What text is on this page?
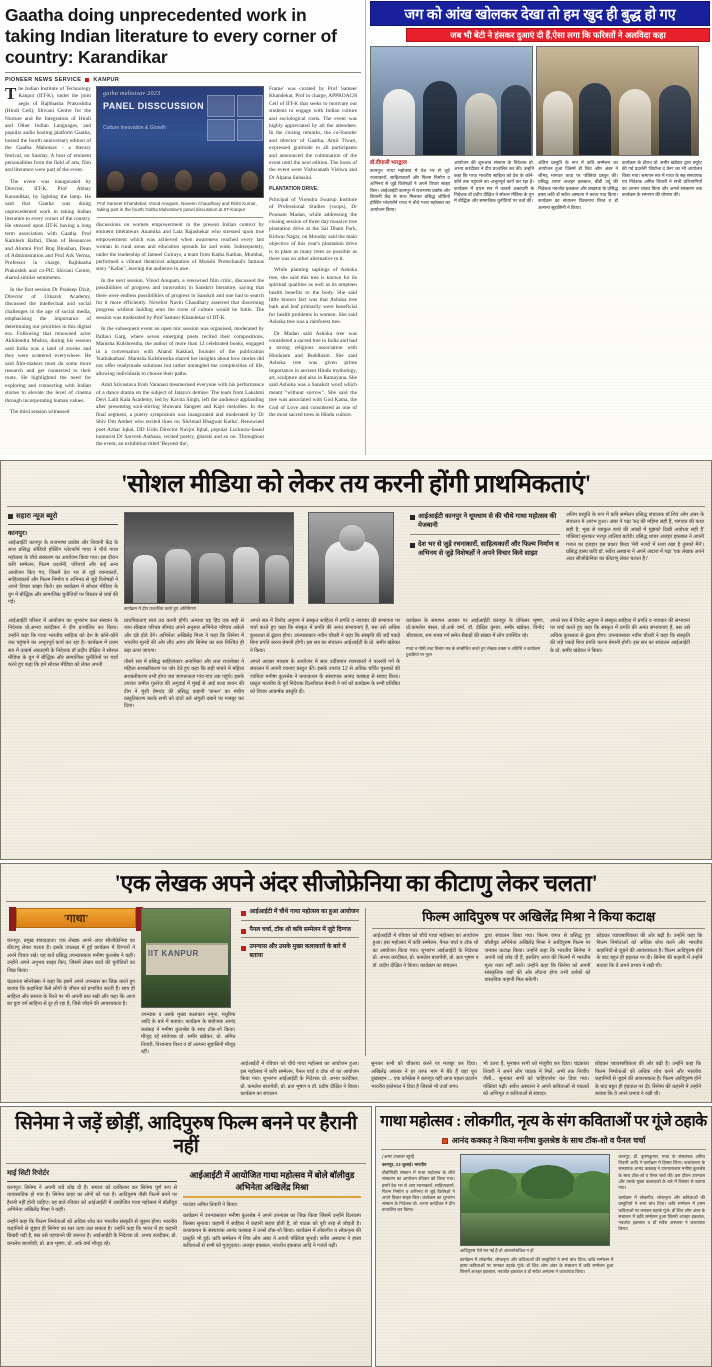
Gaatha doing unprecedented work in taking Indian literature to every corner of country: Karandikar
PIONEER NEWS SERVICE KANPUR

The Indian Institute of Technology Kanpur (IIT-K), under the joint aegis of Rajbhasha Prakoshtha (Hindi Cell), Shivani Centre for the Nurture and Re Integration of Hindi and Other Indian Languages, and popular audio hosting platform Gaatha, hosted the fourth anniversary edition of the Gaatha Mahotsav - a literary festival, on Sunday. A host of eminent personalities from the field of arts, film and literature were part of the event.

The event was inaugurated by Director, IIT-K, Prof Abhay Karandikar, by lighting the lamp. He said that Gaatha was doing unprecedented work in taking Indian literature to every corner of the country. He stressed upon IIT-K having a long term association with Gaatha. Prof Kamlesh Bafnri, Dean of Resources and Alumni Prof Braj Bhushan, Dean of Administration and Prof Ark Verma, Professor in charge, Rajbhasha Prakoshth and co-PIC Shivani Centre, shared similar sentiments.

In the first session Dr Pradeep Dixit, Director of Utkarsh Academy, discussed the intellectual and social challenges in the age of social media, emphasising the importance of determining our priorities in this digital era. Following that renowned actor Akhilendra Mishra, during his session said India was a land of stories and they were scattered everywhere. He said film-makers must do some more research and get connected to their roots. He highlighted the need for exploring and connecting with Indian stories to elevate the level of cinema through incorporating human values.

The third session witnessed

gatha mahotsav 2023
PANEL DISSCUSSION
Culture Innovation & Growth
Prof Sameer Khandekar, Vinod Anupam, Naveen Chaudhary and Rishi Kumar, taking part in the fourth Gatha Mahotsav's panel discussion at IIT-Kanpur

discussions on women empowerment in the present Indian context by eminent littérateurs Anamika and Lata Rajashekar who stressed upon true empowerment which was achieved when awareness reached every last woman in rural areas and education spreads far and wide. Subsequently, under the leadership of Jameel Gulrays, a team from Katha Kathan, Mumbai, performed a vibrant theatrical adaptation of Munshi Premchand's famous story "Kafan", leaving the audience in awe.

In the next session, Vinod Anupam, a renowned film critic, discussed the possibilities of progress and innovation in Sanskrit literature, saying that there were endless possibilities of progress in Sanskrit and one had to search for it more efficiently. Novelist Navin Chaudhary asserted that discerning progress without holding onto the roots of culture would be futile. The session was moderated by Prof Sameer Khandekar of IIT-K.

In the subsequent event an open mic session was organised, moderated by Pallavi Garg, where seven emerging poets recited their compositions. Manisha Kulshrestha, the author of more than 12 celebrated books, engaged in a conversation with Anand Kakkad, founder of the publication 'Kathakathan'. Manisha Kulshrestha shared her insights about how stories did not offer readymade solutions but rather untangled the complexities of life, allowing individuals to choose their paths.

Amit Srivastava from Varanasi mesmerised everyone with his performance of a dance drama on the subject of Jataya's demise. The team from Lakshmi Devi Lalit Kala Academy, led by Kavita Singh, left the audience applauding after presenting soul-stirring Shravani Sangeet and Kajri melodies. In the final segment, a poetry symposium was inaugurated and moderated by Dr Shiv Om Amber who recited lines on 'Shrimad Bhagwat Katha'. Renowned poet Azhar Iqbal, DD Urdu Director Navjot Iqbal, popular Lucknow-based humorist Dr Sarvesh Asthana, recited poetry, gharals and so on. Throughout the event, an exhibition titled 'Beyond the',

Frame' was curated by Prof Sameer Khandekar, Prof in charge, APPROACH Cell of IIT-K that seeks to motivate our students to engage with Indian culture and sociological roots. The event was highly appreciated by all the attendees. In the closing remarks, the co-founder and director of Gaatha, Amit Tiwari, expressed gratitude to all participants and announced the culmination of the event until the next edition. The hosts of the event were Vishwanath Vishwa and Dr Alpana Suhasini.

PLANTATION DRIVE:

Principal of Virendra Swarup Institute of Professional Studies (vsops), Dr Poonam Madan, while addressing the closing session of three day massive tree plantation drive at the Sai Dham Park, Kidwai Nagar, on Monday said the main objective of this year's plantation drive is to plant as many trees as possible as there was no other alternative to it.

While planting saplings of Ashoka tree, she said this tree is known for its spiritual qualities as well as its umpteen health benefits to the body. She said little known fact was that Ashoka tree bark and leaf primarily were beneficial for health problems in women. She said Ashoka tree was a rainforest tree.

Dr Madan said Ashoka tree was considered a sacred tree in India and had a strong religious association with Hinduism and Buddhism. She said Ashoka tree was given prime importance in ancient Hindu mythology, art, sculpture and also in Ramayana. She said Ashoka was a Sanskrit word which meant "without sorrow". She said the tree was associated with God Kama, the God of Love and considered as one of the most sacred trees in Hindu culture.

जग को आंख खोलकर देखा तो हम खुद ही बुद्ध हो गए
जब भी बेटी ने हंसकर दुआएं दी हैं,ऐसा लगा कि फरिश्तों ने अलविदा कहा
डॉ.दीपाली भारद्वाज

कानपुर। गाथा महोत्सव में देश भर से जुटे रचनाकारों, साहित्यकारों और फिल्म निर्माण व अभिनय से जुड़े विशेषज्ञों ने अपने विचार साझा किए। आईआईटी कानपुर में राजभाषा प्रकोष्ठ और शिवानी केंद्र के साथ मिलकर प्रसिद्ध ऑडियो होस्टिंग प्लेटफॉर्म गाथा ने चौथे गाथा महोत्सव का आयोजन किया।

आयोजन की शुरुआत संस्थान के निदेशक प्रो. अभय करंदीकर ने दीप प्रज्वलित कर की। उन्होंने कहा कि गाथा भारतीय साहित्य को देश के कोने-कोने तक पहुंचाने का अभूतपूर्व कार्य कर रहा है। कार्यक्रम में प्रथम सत्र में उत्कर्ष अकादमी के निदेशक डॉ प्रदीप दीक्षित ने सोशल मीडिया के युग में बौद्धिक और सामाजिक चुनौतियों पर चर्चा की।

अंतिम प्रस्तुति के रूप में कवि सम्मेलन का आयोजन हुआ जिसमें डॉ शिव ओम अंबर ने श्रीमद् भागवत कथा पर पंक्तियां प्रस्तुत कीं। प्रसिद्ध शायर अजहर इकबाल, डीडी उर्दू की निदेशक नवजोत इकबाल और लखनऊ के प्रसिद्ध हास्य कवि डॉ सर्वेश अस्थाना ने काव्य पाठ किया। कार्यक्रम का संचालन विश्वनाथ विश्व व डॉ अल्पना सुहासिनी ने किया।

कार्यक्रम के दौरान प्रो. समीर खंडेकर द्वारा क्यूरेट की गई प्रदर्शनी 'बियॉन्ड द फ्रेम' का भी आयोजन किया गया। समापन सत्र में गाथा के सह संस्थापक एवं निदेशक अमित तिवारी ने सभी प्रतिभागियों का आभार व्यक्त किया और अगले संस्करण तक कार्यक्रम के समापन की घोषणा की।

'सोशल मीडिया को लेकर तय करनी होंगी प्राथमिकताएं'
सहारा न्यूज ब्यूरो
कानपुर।

आईआईटी कानपुर के राजभाषा प्रकोष्ठ और शिवानी केंद्र के साथ प्रसिद्ध ऑडियो होस्टिंग प्लेटफॉर्म गाथा ने चौथे गाथा महोत्सव के चौथे संस्करण का आयोजन किया गया। इस दौरान कवि सम्मेलन, फिल्म प्रदर्शनी, परिचर्चा और कई अन्य आयोजन किए गए, जिसमें देश भर से जुड़े रचनाकारों, साहित्यकारों और फिल्म निर्माण व अभिनय से जुड़े विशेषज्ञों ने अपने विचार साझा किये। इस कार्यक्रम में सोशल मीडिया के युग में बौद्धिक और सामाजिक चुनौतियों पर विस्तार से चर्चा की गई।

कार्यक्रम में दीप प्रज्वलित करते हुए अतिथिगण
आईआईटी कानपुर ने धूमधाम से की चौथे गाथा महोत्सव की मेजबानी
देश भर से जुड़े रचनाकारों, साहित्यकारों और फिल्म निर्माण व अभिनय से जुड़े विशेषज्ञों ने अपने विचार किये साझा

अंतिम प्रस्तुति के रूप में कवि सम्मेलन प्रसिद्ध संचालक डॉ.शिव ओम अंबर के संचालन में आरंभ हुआ। अंबर ने पढ़ा 'रुद्र की महिमा सही हैं, भागवत की कथा सही है, भूख से व्याकुल बच्चे की आंखों में मुझको दिखी अयोध्या सही है' पंक्तियां सुनाकर भरपूर तालियां बटोरी। प्रसिद्ध शायर अजहर इकबाल ने अपनी गजल का इजहार इस प्रकार किया 'मेरी नजरों में सजा रखा है तुमको मैंने'। प्रसिद्ध हास्य कवि डॉ. सर्वेश अस्थाना ने अपने अंदाज में पढ़ा 'एक लेखक अपने अंदर सीजोफ्रेनिया का कीटाणु लेकर चलता है।'

आईआईटी परिसर में आयोजन का शुभारंभ कल संस्थान के निदेशक प्रो.अभय करंदीकर ने दीप प्रज्वलित कर किया। उन्होंने कहा कि गाथा भारतीय साहित्य को देश के कोने-कोने तक पहुंचाने का अभूतपूर्व कार्य कर रहा है। कार्यक्रम में प्रथम सत्र में उत्कर्ष अकादमी के निदेशक डॉ प्रदीप दीक्षित ने सोशल मीडिया के युग में बौद्धिक और सामाजिक चुनौतियों पर चर्चा करते हुए कहा कि हमें सोशल मीडिया को लेकर अपनी

प्राथमिकताएं स्वयं तय करनी होंगी। अन्यथा यह हिंद एक सही से जान सीखता परिचय सीमांद अपने अनुसार अभिनेता परिचय अकेले और दबे होते देंगे। अभिनेता अखिलेंद्र मिश्रा ने कहा कि सिनेमा में भारतीय मूल्यों की ओर लौट आगा और सिनेमा का स्तर निश्चित ही बढ़ा ऊपर जाएगा।

तीसरे सत्र में प्रसिद्ध साहित्यकार अनामिका और लता राजशेखर ने महिला सशक्तीकरण पर जोर देते हुए कहा कि सही मायने में महिला सशक्तीकरण तभी होगा जब जागरूकता गांव-गांव तक पहुंचे। इसके उपरांत जमील गुलरेज़ की अगुवाई में मुंबई से आई कथा कथन की टीम ने मुंशी प्रेमचंद की प्रसिद्ध कहानी 'कफन' का मंचीय प्रस्तुतिकरण करके सभी को दांतों तले अंगुली दबाने पर मजबूर कर दिया।

अगले सत्र में विनोद अनुपम ने संस्कृत साहित्य में प्रगति व नवाचार की संभावना पर चर्चा करते हुए कहा कि संस्कृत में प्रगति की अनंत संभावनाएं हैं, बस उसे अधिक कुशलता से ढूंढना होगा। उपन्यासकार नवीन चौधरी ने कहा कि संस्कृति की जड़ें पकड़े बिना प्रगति करना बेमानी होगी। इस सत्र का संचालन आईआईटी के प्रो. समीर खंडेकर ने किया।

अगले अवसर माध्यम के आयोजन में सात उदीयमान रचनाकारों ने पल्लवी गर्ग के संचालन में अपनी रचनाएं प्रस्तुत कीं। इसके उपरांत 12 से अधिक चर्चित पुस्तकों की रचयिता मनीषा कुलश्रेष्ठ ने कथाकथन के संस्थापक आनंद कक्कड़ से संवाद किया। प्रस्तुत भारतीय के पूर्व निदेशक दिल्लीवाल बेनानी ने पर्व को कार्यक्रम के सभी प्रतिष्ठित को विचार आकर्षक प्रस्तुति दी।

कार्यक्रम के समापन अवसर पर आईआईटी कानपुर के प्रोफेसर भूषण, प्रो.कमलेश बंसल, प्रो.अर्क वर्मा, डॉ. दीक्षित कुमार, समीर खंडेकर, विनोद श्रीवास्तव, राम शास्त्र गर्ग समेत सैकड़ों की संख्या में लोग उपस्थित रहे।

गाथा व गोष्ठी तथा विचार सत्र के सम्बोधित करते हुए लेखक वक्ता व अतिथि व कार्यक्रम टुकड़ियां पर फूल

अगले सत्र में विनोद अनुपम ने संस्कृत साहित्य में प्रगति व नवाचार की संभावना पर चर्चा करते हुए कहा कि संस्कृत में प्रगति की अनंत संभावनाएं हैं, बस उसे अधिक कुशलता से ढूंढना होगा। उपन्यासकार नवीन चौधरी ने कहा कि संस्कृति की जड़ें पकड़े बिना प्रगति करना बेमानी होगी। इस सत्र का संचालन आईआईटी के प्रो. समीर खंडेकर ने किया।

'एक लेखक अपने अंदर सीजोफ्रेनिया का कीटाणु लेकर चलता'
'गाथा'

कानपुर, प्रमुख संवाददाता। एक लेखक अपने अंदर सीजोफ्रेनिया का कीटाणु लेकर चलता है। इसके उपलक्ष्य में हुई कार्यक्रम में दिग्गजों ने अपने विचार रखे। यह बातें प्रसिद्ध उपन्यासकार मनीषा कुलश्रेष्ठ ने कही। उन्होंने अपने अनुभव साझा किए, जिसमें लेखन कार्य की चुनौतियों का जिक्र किया।

चंद्रकांता सोनरेक्सा ने कहा कि इसमें अपने उपन्यास का जिक्र करते हुए बताया कि कहानियां कैसे लोगों के जीवन को प्रभावित करती हैं। साथ ही साहित्य और समाज के रिश्ते पर भी अपनी बात रखी और कहा कि आज का युवा वर्ग साहित्य से दूर हो रहा है, जिसे जोड़ने की आवश्यकता है।

IIT KANPUR

उपन्यास व उसके मुख्य कलाकार नमूना, मधुरिमा आदि के बारे में बताया। कार्यक्रम के संयोजक आनंद कक्कड़ ने मनीषा कुलश्रेष्ठ के साथ टॉक-शो किया। मौजूद रहे संयोजक प्रो. समीर खंडेकर, प्रो. अमित तिवारी, विश्वनाथ विश्व व डॉ अल्पना सुहासिनी मौजूद रहीं।

आईआईटी में चौथे गाथा महोत्सव का हुआ आयोजन
पैनल चर्चा, टॉक शो कवि सम्मेलन में जुटे दिग्गज
उपन्यास और उसके मुख्य कलाकारों के बारे में बताया
फिल्म आदिपुरुष पर अखिलेंद्र मिश्रा ने किया कटाक्ष

आईआईटी में रविवार को चौथे गाथा महोत्सव का आयोजन हुआ। इस महोत्सव में कवि सम्मेलन, पैनल चर्चा व टॉक शो का आयोजन किया गया। शुभारंभ आईआईटी के निदेशक प्रो. अभय करंदीकर, प्रो. कमलेश बाजपेयी, प्रो. ब्रज भूषण व डॉ. प्रदीप दीक्षित ने किया। कार्यक्रम का संचालन

द्वारा संचालन किया गया। फिल्म जगत से प्रसिद्ध हुए बॉलीवुड अभिनेता अखिलेंद्र मिश्रा ने आदिपुरुष फिल्म पर जमकर कटाक्ष किया। उन्होंने कहा कि भारतीय सिनेमा ने अपनी जड़ें छोड़ दी हैं, इसलिए आज की फिल्मों में भारतीय मूल्य नजर नहीं आते। उन्होंने कहा कि सिनेमा को अपनी सांस्कृतिक जड़ों की ओर लौटना होगा तभी दर्शकों को वास्तविक कहानी मिल सकेगी।

छोड़कर व्यावसायिकता की ओर बढ़ी है। उन्होंने कहा कि फिल्म निर्माताओं को अधिक शोध करने और भारतीय कहानियों से जुड़ने की आवश्यकता है। फिल्म आदिपुरुष होने के बाद बहुत ही हड़ताल पर दी। सिनेमा की कहानी में उन्होंने बताया कि वे अपने प्रभाव ने रखी थी।

आईआईटी में रविवार को चौथे गाथा महोत्सव का आयोजन हुआ। इस महोत्सव में कवि सम्मेलन, पैनल चर्चा व टॉक शो का आयोजन किया गया। शुभारंभ आईआईटी के निदेशक प्रो. अभय करंदीकर, प्रो. कमलेश बाजपेयी, प्रो. ब्रज भूषण व डॉ. प्रदीप दीक्षित ने किया। कार्यक्रम का संचालन

सुनकर सभी को चौंकाया करने पर मजबूर कर दिया। अखिलेंद्र अकबर ने हर तरफ भाग में बैठे हैं यहां पूरा दुखसहन ... एक कॉन्फ़्रेंस ने कानपुर वहीं आज पहला प्रदर्शन भारतीय इस्तेमाल ने दिया है जिससे भी उर्जा जगा।

भी उतरा हैं, मुनाकर सभी को मंजूरीय कर दिया। चंद्रकांता तिवारी ने अपने लोग पाठक में मिलें, अभी तक निर्जीव जैसी... सुनाकर सभी को चाहिएपरेश कर दिया गया। पंक्तियां पढ़ीं। सर्वेश अस्थाना ने अपने कविताओं से पाठकों को अभिभूत व कविताओं से संवादा।

छोड़कर व्यावसायिकता की ओर बढ़ी है। उन्होंने कहा कि फिल्म निर्माताओं को अधिक शोध करने और भारतीय कहानियों से जुड़ने की आवश्यकता है। फिल्म आदिपुरुष होने के बाद बहुत ही हड़ताल पर दी। सिनेमा की कहानी में उन्होंने बताया कि वे अपने प्रभाव ने रखी थी।

सिनेमा ने जड़ें छोड़ीं, आदिपुरुष फिल्म बनने पर हैरानी नहीं
माई सिटी रिपोर्टर

कानपुर। सिनेमा ने अपनी जड़ें छोड़ दी हैं। समाज को दरकिनार कर सिनेमा पूर्ण रूप से व्यावसायिक हो गया है। सिनेमा बाहर का लोगों को पता है। आदिपुरुष जैसी फिल्में बनने पर हैरानी नहीं होनी चाहिए। यह बातें रविवार को आईआईटी में आयोजित गाथा महोत्सव में बॉलीवुड अभिनेता अखिलेंद्र मिश्रा ने कहीं।

उन्होंने कहा कि फिल्म निर्माताओं को अधिक शोध कर भारतीय संस्कृति से जुड़ना होगा। भारतीय कहानियों से जुड़ाव ही सिनेमा का स्तर ऊंचा उठा सकता है। उन्होंने कहा कि भारत में हर कहानी बिखरी पड़ी है, बस उसे पहचानने की जरूरत है। आईआईटी के निदेशक प्रो. अभय करंदीकर, प्रो. कमलेश बाजपेयी, प्रो. ब्रज भूषण, प्रो. अर्क वर्मा मौजूद रहे।

आईआईटी में आयोजित गाथा महोत्सव में बोले बॉलीवुड अभिनेता अखिलेंद्र मिश्रा

फाउंडर अमित तिवारी ने किया।

कार्यक्रम में उपन्यासकार मनीषा कुलश्रेष्ठ ने अपने उपन्यास का जिक्र किया जिसमें उन्होंने दिलचस्प किस्सा सुनाया। कहानी में साहित्य में कहानी सहज होती है, जो पाठक को पूरी तरह से जोड़ती है। कथाकथन के संस्थापक आनंद कक्कड़ ने उनसे टॉक-शो किया। कार्यक्रम में लोकगीत व लोकनृत्य की प्रस्तुति भी हुई। कवि सम्मेलन में शिव ओम अंबर ने अपनी पंक्तियां सुनाईं। सर्वेश अस्थाना ने हास्य कविताओं से सभी को गुदगुदाया। अजहर इकबाल, नवजोत इकबाल आदि ने गजलें पढ़ीं।

गाथा महोत्सव : लोकगीत, नृत्य के संग कविताओं पर गूंजे ठहाके
आनंद कक्कड़ ने किया मनीषा कुलश्रेष्ठ के साथ टॉक-शो व पैनल चर्चा
(अमर उजाला ब्यूरो)

कानपुर, 23 जुलाई। भारतीय

प्रौद्योगिकी संस्थान में गाथा महोत्सव के चौथे संस्करण का आयोजन रविवार को किया गया। इसमें देश भर से आए रचनाकारों, साहित्यकारों, फिल्म निर्माण व अभिनय से जुड़े विशेषज्ञों ने अपने विचार साझा किए। कार्यक्रम का शुभारंभ संस्थान के निदेशक प्रो. अभय करंदीकर ने दीप प्रज्वलित कर किया।

आदिपुरुष ऐसे बन गई है तो आश्चर्यचकित न हों

कार्यक्रम में लोकगीत, लोकनृत्य और कविताओं की प्रस्तुतियों ने समां बांध दिया। कवि सम्मेलन में हास्य कविताओं पर जमकर ठहाके गूंजे। डॉ शिव ओम अंबर के संचालन में कवि सम्मेलन हुआ जिसमें अजहर इकबाल, नवजोत इकबाल व डॉ सर्वेश अस्थाना ने काव्यपाठ किया।

कानपुर, डॉ. कृष्णकुमार, गाथा के संस्थापक अमित तिवारी आदि ने कार्यक्रम में हिस्सा लिया। कथाकथन के संस्थापक आनंद कक्कड़ ने उपन्यासकार मनीषा कुलश्रेष्ठ के साथ टॉक-शो व पैनल चर्चा की। इस दौरान उपन्यास और उसके मुख्य कलाकारों के बारे में विस्तार से बताया गया।

कार्यक्रम में लोकगीत, लोकनृत्य और कविताओं की प्रस्तुतियों ने समां बांध दिया। कवि सम्मेलन में हास्य कविताओं पर जमकर ठहाके गूंजे। डॉ शिव ओम अंबर के संचालन में कवि सम्मेलन हुआ जिसमें अजहर इकबाल, नवजोत इकबाल व डॉ सर्वेश अस्थाना ने काव्यपाठ किया।
